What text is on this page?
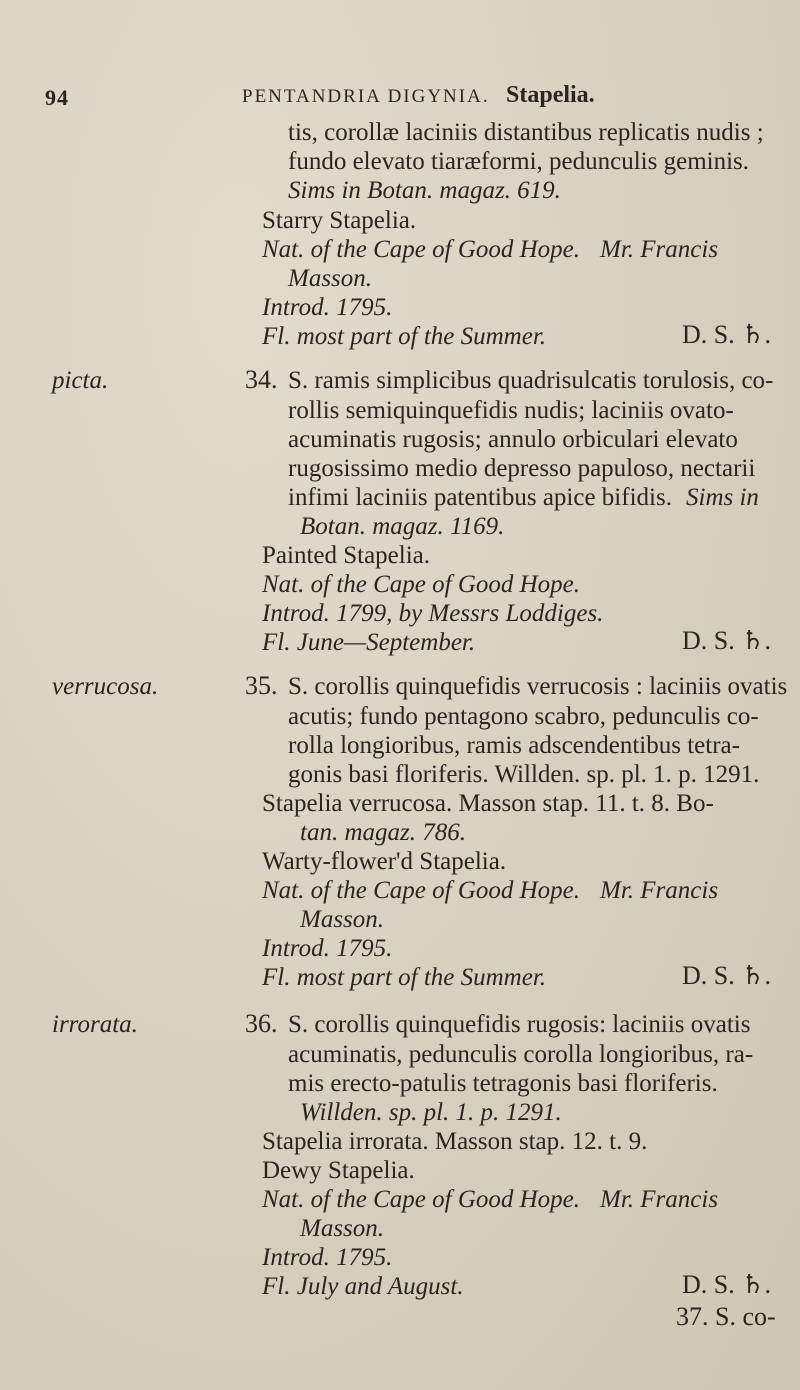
94	PENTANDRIA DIGYNIA. Stapelia.
tis, corollæ laciniis distantibus replicatis nudis ;
fundo elevato tiaræformi, pedunculis geminis.
Sims in Botan. magaz. 619.
Starry Stapelia.
Nat. of the Cape of Good Hope. Mr. Francis
Masson.
Introd. 1795.
Fl. most part of the Summer.	D. S. ♄.
picta.	34. S. ramis simplicibus quadrisulcatis torulosis, co-
rollis semiquinquefidis nudis; laciniis ovato-
acuminatis rugosis; annulo orbiculari elevato
rugosissimo medio depresso papuloso, nectarii
infimi laciniis patentibus apice bifidis. Sims in
Botan. magaz. 1169.
Painted Stapelia.
Nat. of the Cape of Good Hope.
Introd. 1799, by Messrs Loddiges.
Fl. June—September.	D. S. ♄.
verrucosa.	35. S. corollis quinquefidis verrucosis : laciniis ovatis
acutis; fundo pentagono scabro, pedunculis co-
rolla longioribus, ramis adscendentibus tetra-
gonis basi floriferis. Willden. sp. pl. 1. p. 1291.
Stapelia verrucosa. Masson stap. 11. t. 8. Bo-
tan. magaz. 786.
Warty-flower'd Stapelia.
Nat. of the Cape of Good Hope. Mr. Francis
Masson.
Introd. 1795.
Fl. most part of the Summer.	D. S. ♄.
irrorata.	36. S. corollis quinquefidis rugosis: laciniis ovatis
acuminatis, pedunculis corolla longioribus, ra-
mis erecto-patulis tetragonis basi floriferis.
Willden. sp. pl. 1. p. 1291.
Stapelia irrorata. Masson stap. 12. t. 9.
Dewy Stapelia.
Nat. of the Cape of Good Hope. Mr. Francis
Masson.
Introd. 1795.
Fl. July and August.	D. S. ♄.
37. S. co-
